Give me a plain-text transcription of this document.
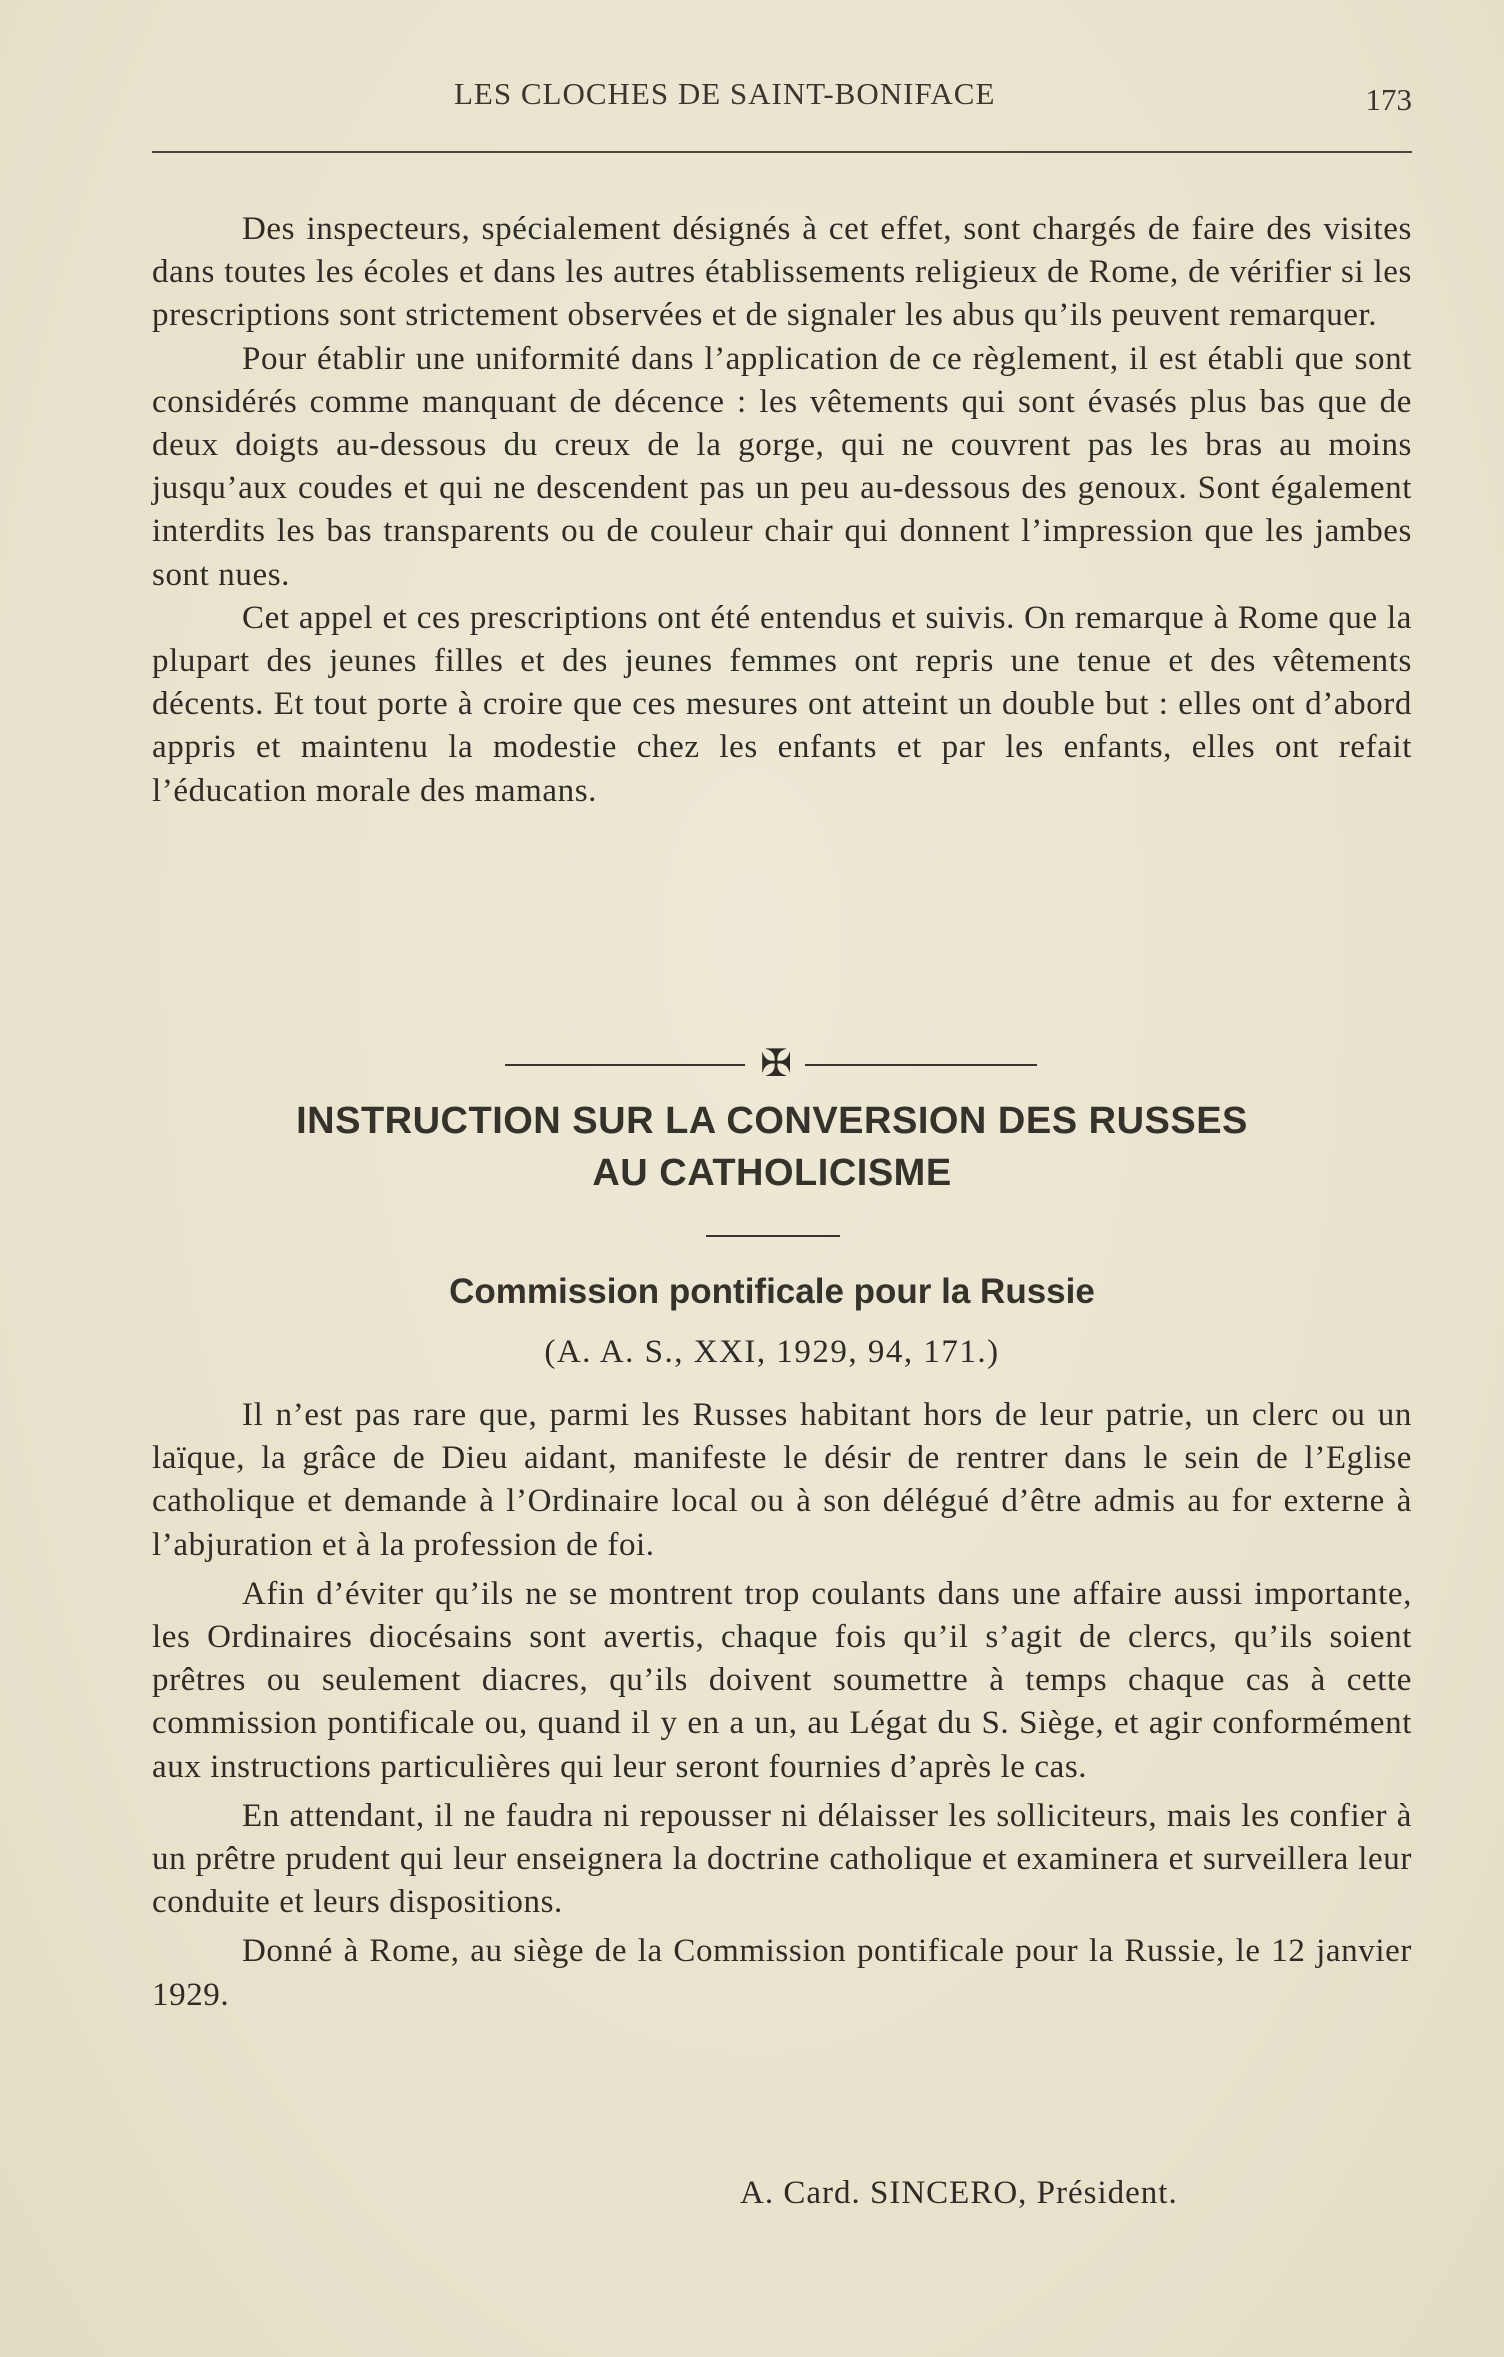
LES CLOCHES DE SAINT-BONIFACE	173

Des inspecteurs, spécialement désignés à cet effet, sont chargés de faire des visites dans toutes les écoles et dans les autres établissements religieux de Rome, de vérifier si les prescriptions sont strictement observées et de signaler les abus qu’ils peuvent remarquer.

Pour établir une uniformité dans l’application de ce règlement, il est établi que sont considérés comme manquant de décence : les vêtements qui sont évasés plus bas que de deux doigts au-dessous du creux de la gorge, qui ne couvrent pas les bras au moins jusqu’aux coudes et qui ne descendent pas un peu au-dessous des genoux. Sont également interdits les bas transparents ou de couleur chair qui donnent l’impression que les jambes sont nues.

Cet appel et ces prescriptions ont été entendus et suivis. On remarque à Rome que la plupart des jeunes filles et des jeunes femmes ont repris une tenue et des vêtements décents. Et tout porte à croire que ces mesures ont atteint un double but : elles ont d’abord appris et maintenu la modestie chez les enfants et par les enfants, elles ont refait l’éducation morale des mamans.

✠
INSTRUCTION SUR LA CONVERSION DES RUSSES
AU CATHOLICISME
Commission pontificale pour la Russie
(A. A. S., XXI, 1929, 94, 171.)

Il n’est pas rare que, parmi les Russes habitant hors de leur patrie, un clerc ou un laïque, la grâce de Dieu aidant, manifeste le désir de rentrer dans le sein de l’Eglise catholique et demande à l’Ordinaire local ou à son délégué d’être admis au for externe à l’abjuration et à la profession de foi.

Afin d’éviter qu’ils ne se montrent trop coulants dans une affaire aussi importante, les Ordinaires diocésains sont avertis, chaque fois qu’il s’agit de clercs, qu’ils soient prêtres ou seulement diacres, qu’ils doivent soumettre à temps chaque cas à cette commission pontificale ou, quand il y en a un, au Légat du S. Siège, et agir conformément aux instructions particulières qui leur seront fournies d’après le cas.

En attendant, il ne faudra ni repousser ni délaisser les solliciteurs, mais les confier à un prêtre prudent qui leur enseignera la doctrine catholique et examinera et surveillera leur conduite et leurs dispositions.

Donné à Rome, au siège de la Commission pontificale pour la Russie, le 12 janvier 1929.

A. Card. SINCERO, Président.
